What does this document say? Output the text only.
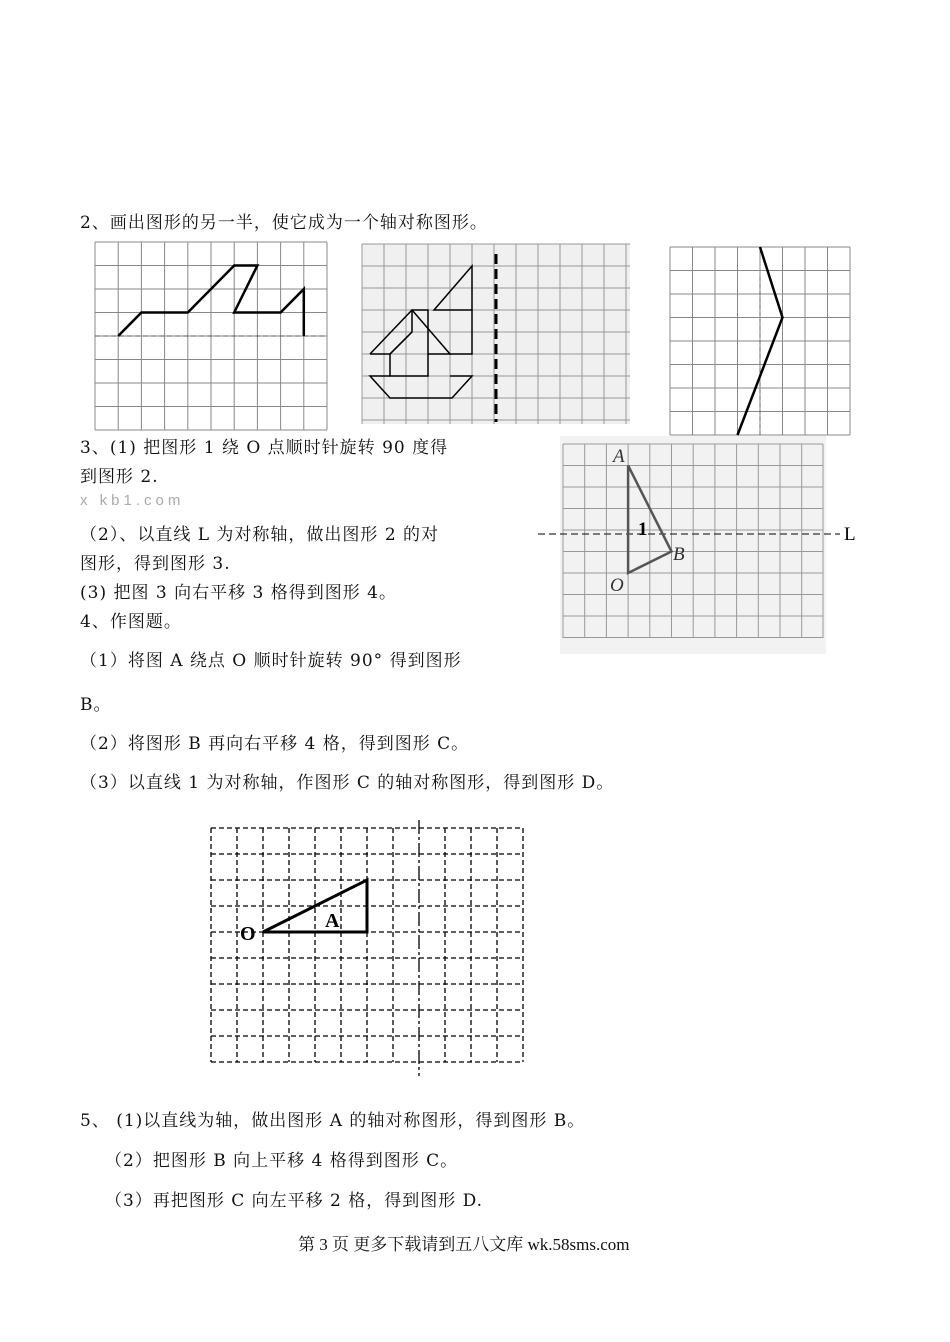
2、画出图形的另一半，使它成为一个轴对称图形。
3、(1) 把图形 1 绕 O 点顺时针旋转 90 度得
到图形 2.
x kb1.com
（2）、以直线 L 为对称轴，做出图形 2 的对
图形，得到图形 3.
(3) 把图 3 向右平移 3 格得到图形 4。
A
B
O
1	L
4、作图题。
（1）将图 A 绕点 O 顺时针旋转 90° 得到图形
B。
（2）将图形 B 再向右平移 4 格，得到图形 C。
（3）以直线 1 为对称轴，作图形 C 的轴对称图形，得到图形 D。
O
A
5、 (1)以直线为轴，做出图形 A 的轴对称图形，得到图形 B。
（2）把图形 B 向上平移 4 格得到图形 C。
（3）再把图形 C 向左平移 2 格，得到图形 D.
第 3 页 更多下载请到五八文库 wk.58sms.com
